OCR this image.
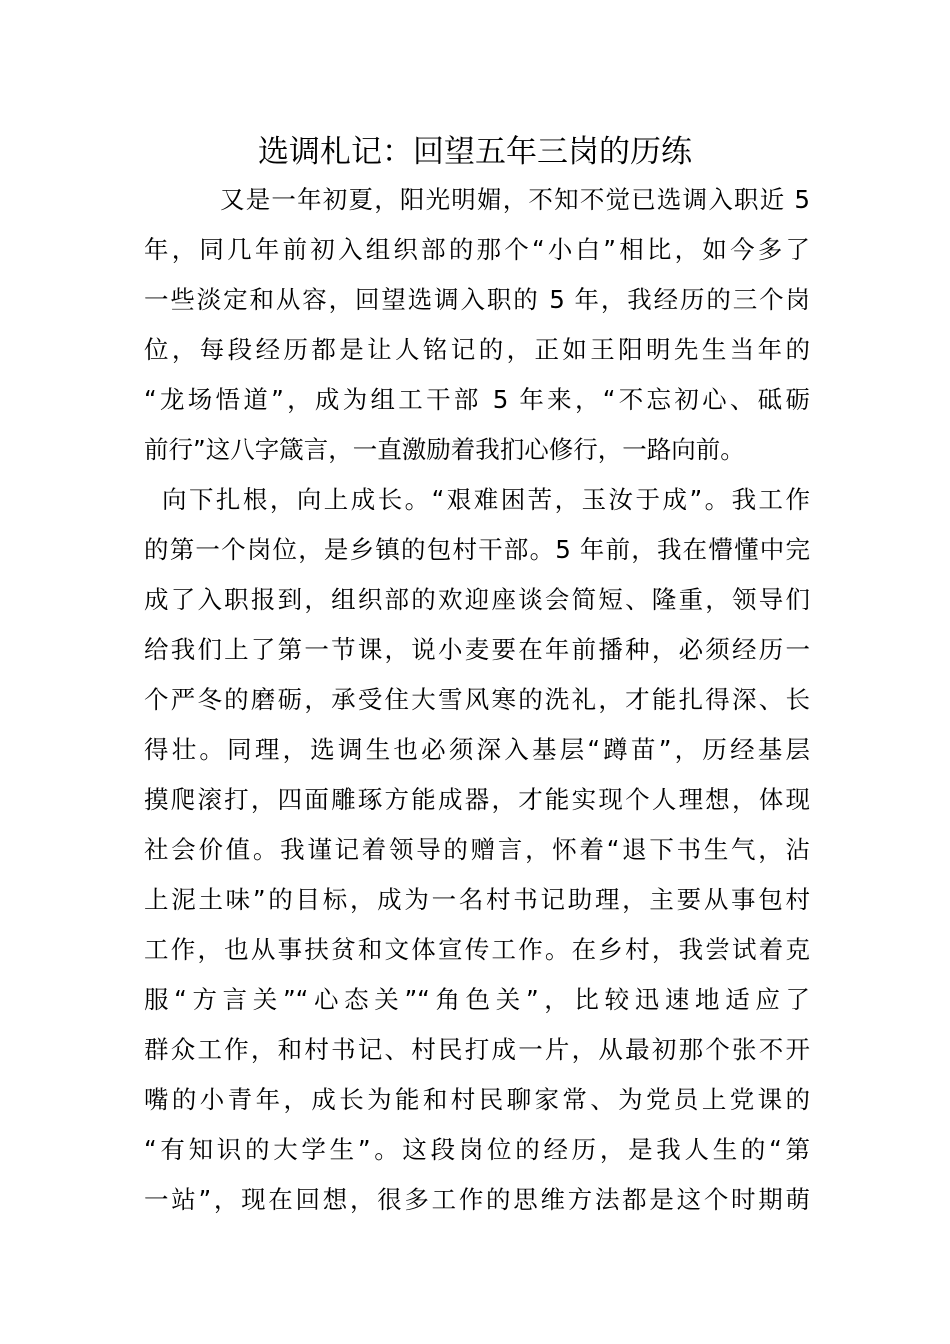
选调札记：回望五年三岗的历练
又是一年初夏，阳光明媚，不知不觉已选调入职近 5
年，同几年前初入组织部的那个“小白”相比，如今多了
一些淡定和从容，回望选调入职的 5 年，我经历的三个岗
位，每段经历都是让人铭记的，正如王阳明先生当年的
“龙场悟道”，成为组工干部 5 年来，“不忘初心、砥砺
前行”这八字箴言，一直激励着我扪心修行，一路向前。
向下扎根，向上成长。“艰难困苦，玉汝于成”。我工作
的第一个岗位，是乡镇的包村干部。5 年前，我在懵懂中完
成了入职报到，组织部的欢迎座谈会简短、隆重，领导们
给我们上了第一节课，说小麦要在年前播种，必须经历一
个严冬的磨砺，承受住大雪风寒的洗礼，才能扎得深、长
得壮。同理，选调生也必须深入基层“蹲苗”，历经基层
摸爬滚打，四面雕琢方能成器，才能实现个人理想，体现
社会价值。我谨记着领导的赠言，怀着“退下书生气，沾
上泥土味”的目标，成为一名村书记助理，主要从事包村
工作，也从事扶贫和文体宣传工作。在乡村，我尝试着克
服“方言关”“心态关”“角色关”，比较迅速地适应了
群众工作，和村书记、村民打成一片，从最初那个张不开
嘴的小青年，成长为能和村民聊家常、为党员上党课的
“有知识的大学生”。这段岗位的经历，是我人生的“第
一站”，现在回想，很多工作的思维方法都是这个时期萌
